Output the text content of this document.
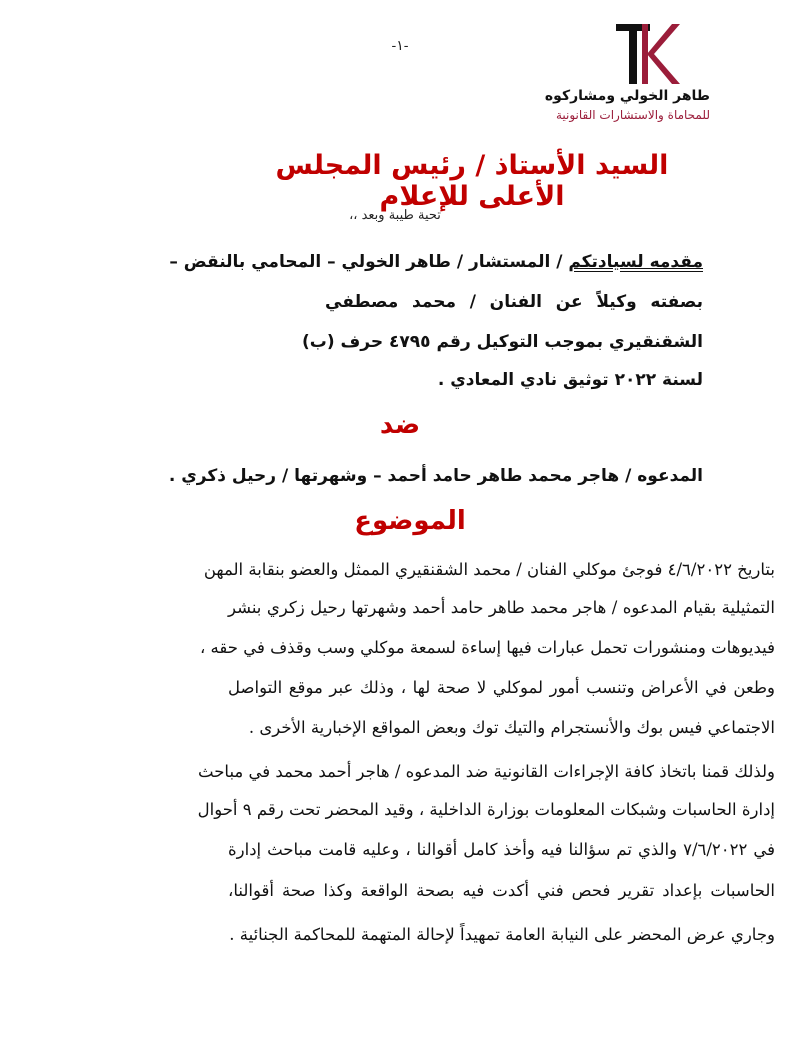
-١-
طاهر الخولي ومشاركوه
للمحاماة والاستشارات القانونية
السيد الأستاذ / رئيس المجلس الأعلى للإعلام
تحية طيبة وبعد ،،
مقدمه لسيادتكم / المستشار / طاهر الخولي – المحامي بالنقض –
بصفته وكيلاً عن الفنان / محمد مصطفي
الشقنقيري بموجب التوكيل رقم ٤٧٩٥ حرف (ب)
لسنة ٢٠٢٢ توثيق نادي المعادي .
ضد
المدعوه / هاجر محمد طاهر حامد أحمد – وشهرتها / رحيل ذكري .
الموضوع
بتاريخ ٤/٦/٢٠٢٢ فوجئ موكلي الفنان / محمد الشقنقيري الممثل والعضو بنقابة المهن
التمثيلية بقيام المدعوه / هاجر محمد طاهر حامد أحمد وشهرتها رحيل زكري بنشر
فيديوهات ومنشورات تحمل عبارات فيها إساءة لسمعة موكلي وسب وقذف في حقه ،
وطعن في الأعراض وتنسب أمور لموكلي لا صحة لها ، وذلك عبر موقع التواصل
الاجتماعي فيس بوك والأنستجرام والتيك توك وبعض المواقع الإخبارية الأخرى .
ولذلك قمنا باتخاذ كافة الإجراءات القانونية ضد المدعوه / هاجر أحمد محمد في مباحث
إدارة الحاسبات وشبكات المعلومات بوزارة الداخلية ، وقيد المحضر تحت رقم ٩ أحوال
في ٧/٦/٢٠٢٢ والذي تم سؤالنا فيه وأخذ كامل أقوالنا ، وعليه قامت مباحث إدارة
الحاسبات بإعداد تقرير فحص فني أكدت فيه بصحة الواقعة وكذا صحة أقوالنا،
وجاري عرض المحضر على النيابة العامة تمهيداً لإحالة المتهمة للمحاكمة الجنائية .
